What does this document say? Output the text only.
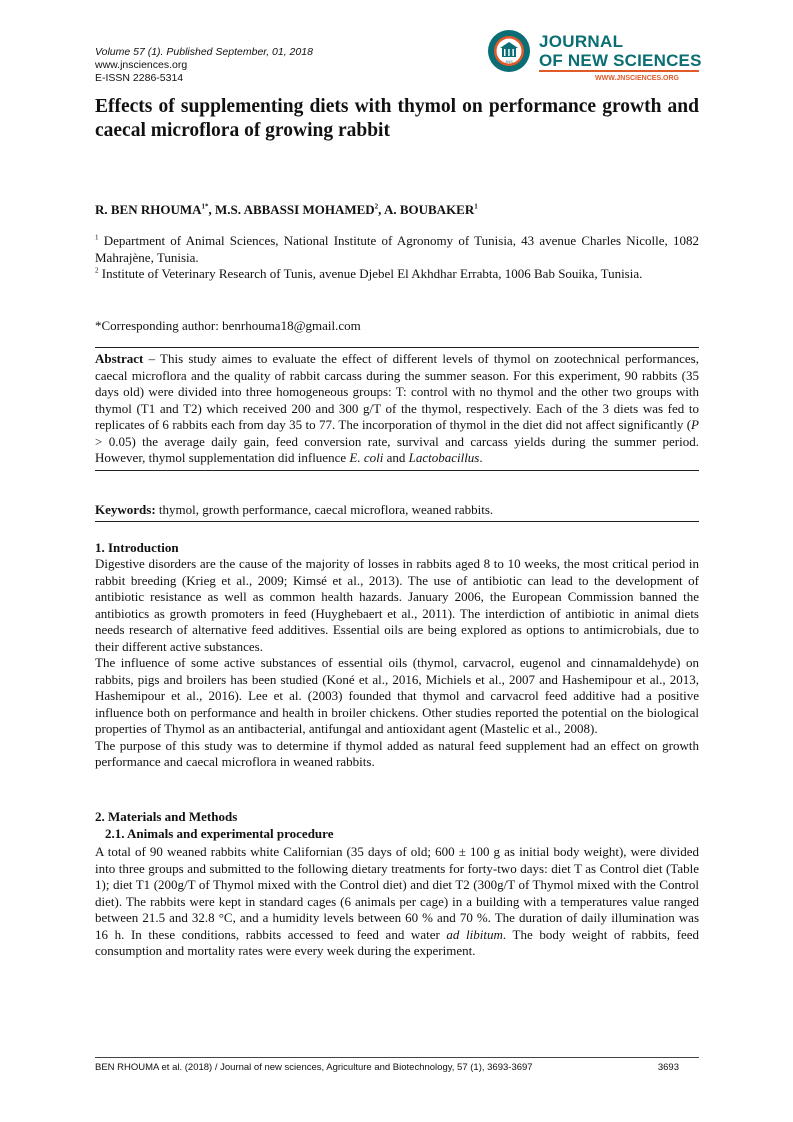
Volume 57 (1). Published September, 01, 2018
www.jnsciences.org
E-ISSN 2286-5314
JNS
JOURNAL
OF NEW SCIENCES
WWW.JNSCIENCES.ORG
Effects of supplementing diets with thymol on performance growth and caecal microflora of growing rabbit
R. BEN $RHOUMA^{1*}$, M.S. ABBASSI MOHAMED$^2$, A. BOUBAKER$^1$
$^1$ Department of Animal Sciences, National Institute of Agronomy of Tunisia, 43 avenue Charles Nicolle, 1082 Mahrajène, Tunisia.
$^2$ Institute of Veterinary Research of Tunis, avenue Djebel El Akhdhar Errabta, 1006 Bab Souika, Tunisia.
*Corresponding author: benrhouma18@gmail.com
Abstract – This study aimes to evaluate the effect of different levels of thymol on zootechnical performances, caecal microflora and the quality of rabbit carcass during the summer season. For this experiment, 90 rabbits (35 days old) were divided into three homogeneous groups: T: control with no thymol and the other two groups with thymol (T1 and T2) which received 200 and 300 g/T of the thymol, respectively. Each of the 3 diets was fed to replicates of 6 rabbits each from day 35 to 77. The incorporation of thymol in the diet did not affect significantly (P > 0.05) the average daily gain, feed conversion rate, survival and carcass yields during the summer period. However, thymol supplementation did influence E. coli and Lactobacillus.
Keywords: thymol, growth performance, caecal microflora, weaned rabbits.
1. Introduction
Digestive disorders are the cause of the majority of losses in rabbits aged 8 to 10 weeks, the most critical period in rabbit breeding (Krieg et al., 2009; Kimsé et al., 2013). The use of antibiotic can lead to the development of antibiotic resistance as well as common health hazards. January 2006, the European Commission banned the antibiotics as growth promoters in feed (Huyghebaert et al., 2011). The interdiction of antibiotic in animal diets needs research of alternative feed additives. Essential oils are being explored as options to antimicrobials, due to their different active substances.
The influence of some active substances of essential oils (thymol, carvacrol, eugenol and cinnamaldehyde) on rabbits, pigs and broilers has been studied (Koné et al., 2016, Michiels et al., 2007 and Hashemipour et al., 2013, Hashemipour et al., 2016). Lee et al. (2003) founded that thymol and carvacrol feed additive had a positive influence both on performance and health in broiler chickens. Other studies reported the potential on the biological properties of Thymol as an antibacterial, antifungal and antioxidant agent (Mastelic et al., 2008).
The purpose of this study was to determine if thymol added as natural feed supplement had an effect on growth performance and caecal microflora in weaned rabbits.
2. Materials and Methods
2.1. Animals and experimental procedure
A total of 90 weaned rabbits white Californian (35 days of old; 600 ± 100 g as initial body weight), were divided into three groups and submitted to the following dietary treatments for forty-two days: diet T as Control diet (Table 1); diet T1 (200g/T of Thymol mixed with the Control diet) and diet T2 (300g/T of Thymol mixed with the Control diet). The rabbits were kept in standard cages (6 animals per cage) in a building with a temperatures value ranged between 21.5 and 32.8 °C, and a humidity levels between 60 % and 70 %. The duration of daily illumination was 16 h. In these conditions, rabbits accessed to feed and water ad libitum. The body weight of rabbits, feed consumption and mortality rates were every week during the experiment.
BEN RHOUMA et al. (2018) / Journal of new sciences, Agriculture and Biotechnology, 57 (1), 3693-3697	3693
